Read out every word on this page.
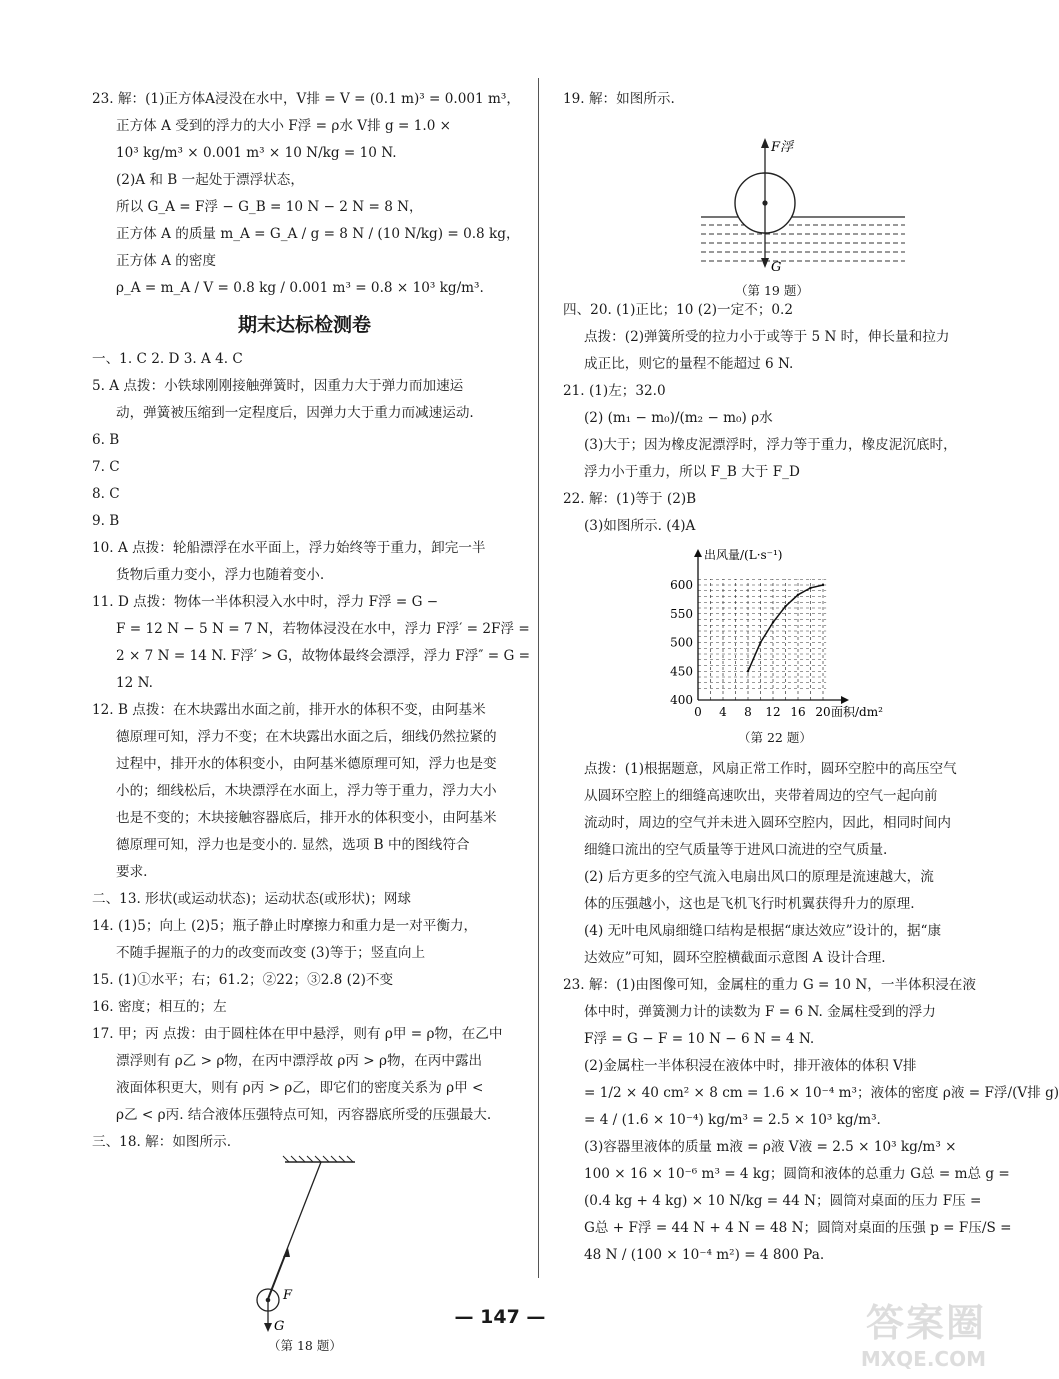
23. 解：(1)正方体A浸没在水中，V排 = V = (0.1 m)³ = 0.001 m³，
正方体 A 受到的浮力的大小 F浮 = ρ水 V排 g = 1.0 ×
10³ kg/m³ × 0.001 m³ × 10 N/kg = 10 N.
(2)A 和 B 一起处于漂浮状态，
所以 G_A = F浮 − G_B = 10 N − 2 N = 8 N，
正方体 A 的质量 m_A = G_A / g = 8 N / (10 N/kg) = 0.8 kg，
正方体 A 的密度
ρ_A = m_A / V = 0.8 kg / 0.001 m³ = 0.8 × 10³ kg/m³.
期末达标检测卷
一、1. C 2. D 3. A 4. C
5. A 点拨：小铁球刚刚接触弹簧时，因重力大于弹力而加速运
动，弹簧被压缩到一定程度后，因弹力大于重力而减速运动.
6. B
7. C
8. C
9. B
10. A 点拨：轮船漂浮在水平面上，浮力始终等于重力，卸完一半
货物后重力变小，浮力也随着变小.
11. D 点拨：物体一半体积浸入水中时，浮力 F浮 = G −
F = 12 N − 5 N = 7 N，若物体浸没在水中，浮力 F浮′ = 2F浮 =
2 × 7 N = 14 N. F浮′ > G，故物体最终会漂浮，浮力 F浮″ = G =
12 N.
12. B 点拨：在木块露出水面之前，排开水的体积不变，由阿基米
德原理可知，浮力不变；在木块露出水面之后，细线仍然拉紧的
过程中，排开水的体积变小，由阿基米德原理可知，浮力也是变
小的；细线松后，木块漂浮在水面上，浮力等于重力，浮力大小
也是不变的；木块接触容器底后，排开水的体积变小，由阿基米
德原理可知，浮力也是变小的. 显然，选项 B 中的图线符合
要求.
二、13. 形状(或运动状态)；运动状态(或形状)；网球
14. (1)5；向上 (2)5；瓶子静止时摩擦力和重力是一对平衡力，
不随手握瓶子的力的改变而改变 (3)等于；竖直向上
15. (1)①水平；右；61.2；②22；③2.8 (2)不变
16. 密度；相互的；左
17. 甲；丙 点拨：由于圆柱体在甲中悬浮，则有 ρ甲 = ρ物，在乙中
漂浮则有 ρ乙 > ρ物，在丙中漂浮故 ρ丙 > ρ物，在丙中露出
液面体积更大，则有 ρ丙 > ρ乙，即它们的密度关系为 ρ甲 <
ρ乙 < ρ丙. 结合液体压强特点可知，丙容器底所受的压强最大.
三、18. 解：如图所示.
F
G
（第 18 题）
19. 解：如图所示.
F浮
G
（第 19 题）
四、20. (1)正比；10 (2)一定不；0.2
点拨：(2)弹簧所受的拉力小于或等于 5 N 时，伸长量和拉力
成正比，则它的量程不能超过 6 N.
21. (1)左；32.0
(2) (m₁ − m₀)/(m₂ − m₀) ρ水
(3)大于；因为橡皮泥漂浮时，浮力等于重力，橡皮泥沉底时，
浮力小于重力，所以 F_B 大于 F_D
22. 解：(1)等于 (2)B
(3)如图所示. (4)A
0 4 8 12 16 20
400
450
500
550
600
面积/dm²
出风量/(L·s⁻¹)
（第 22 题）
点拨：(1)根据题意，风扇正常工作时，圆环空腔中的高压空气
从圆环空腔上的细缝高速吹出，夹带着周边的空气一起向前
流动时，周边的空气并未进入圆环空腔内，因此，相同时间内
细缝口流出的空气质量等于进风口流进的空气质量.
(2) 后方更多的空气流入电扇出风口的原理是流速越大，流
体的压强越小，这也是飞机飞行时机翼获得升力的原理.
(4) 无叶电风扇细缝口结构是根据“康达效应”设计的，据“康
达效应”可知，圆环空腔横截面示意图 A 设计合理.
23. 解：(1)由图像可知，金属柱的重力 G = 10 N，一半体积浸在液
体中时，弹簧测力计的读数为 F = 6 N. 金属柱受到的浮力
F浮 = G − F = 10 N − 6 N = 4 N.
(2)金属柱一半体积浸在液体中时，排开液体的体积 V排
= 1/2 × 40 cm² × 8 cm = 1.6 × 10⁻⁴ m³；液体的密度 ρ液 = F浮/(V排 g)
= 4 / (1.6 × 10⁻⁴) kg/m³ = 2.5 × 10³ kg/m³.
(3)容器里液体的质量 m液 = ρ液 V液 = 2.5 × 10³ kg/m³ ×
100 × 16 × 10⁻⁶ m³ = 4 kg；圆筒和液体的总重力 G总 = m总 g =
(0.4 kg + 4 kg) × 10 N/kg = 44 N；圆筒对桌面的压力 F压 =
G总 + F浮 = 44 N + 4 N = 48 N；圆筒对桌面的压强 p = F压/S =
48 N / (100 × 10⁻⁴ m²) = 4 800 Pa.
— 147 —	答案圈
MXQE.COM
